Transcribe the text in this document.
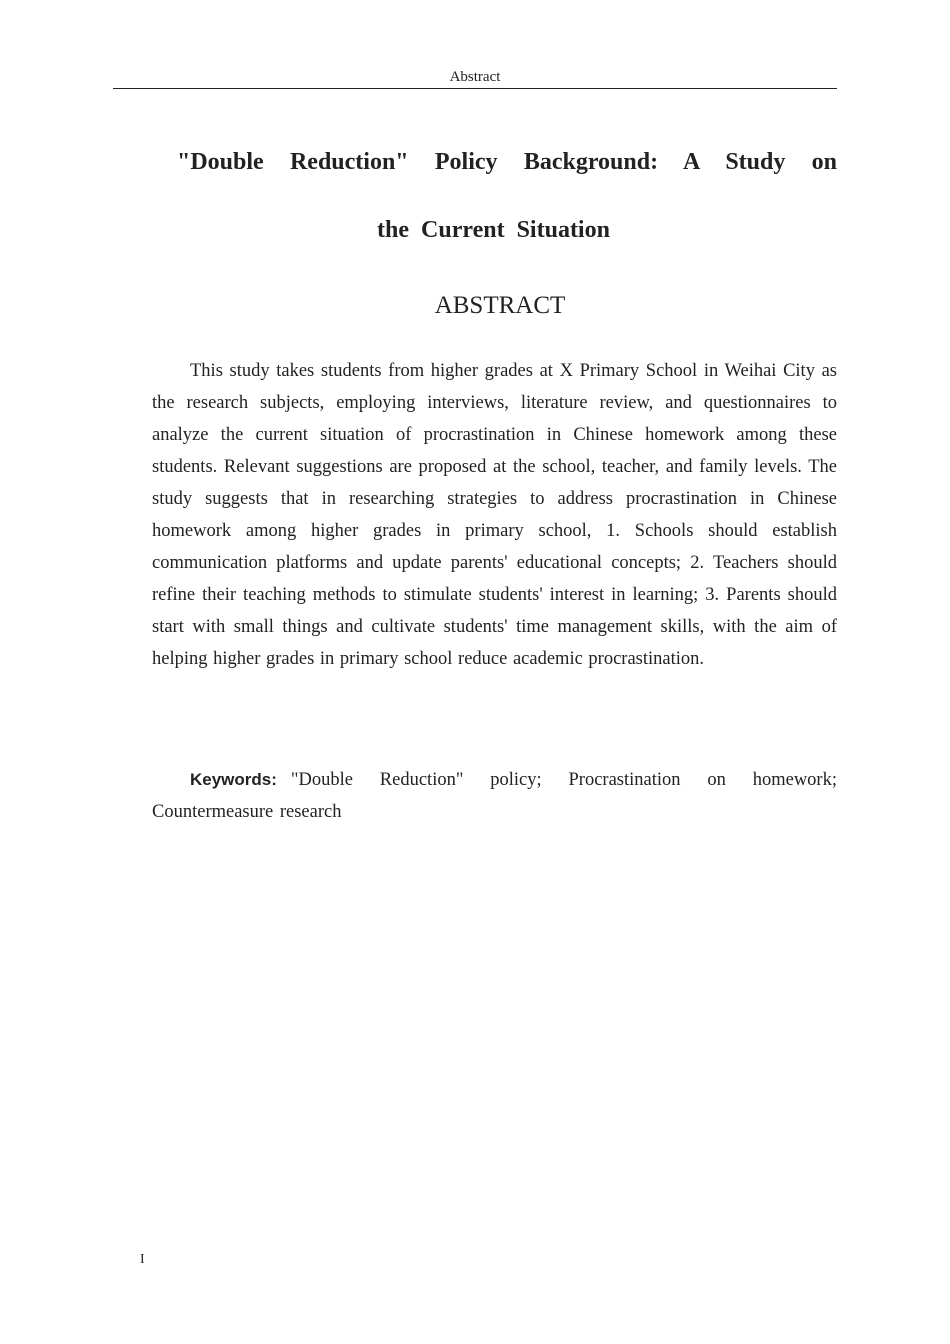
Abstract
"Double Reduction" Policy Background: A Study on
the Current Situation
ABSTRACT

This study takes students from higher grades at X Primary School in Weihai City as the research subjects, employing interviews, literature review, and questionnaires to analyze the current situation of procrastination in Chinese homework among these students. Relevant suggestions are proposed at the school, teacher, and family levels. The study suggests that in researching strategies to address procrastination in Chinese homework among higher grades in primary school, 1. Schools should establish communication platforms and update parents' educational concepts; 2. Teachers should refine their teaching methods to stimulate students' interest in learning; 3. Parents should start with small things and cultivate students' time management skills, with the aim of helping higher grades in primary school reduce academic procrastination.

Keywords: "Double Reduction" policy; Procrastination on homework; Countermeasure research

I
